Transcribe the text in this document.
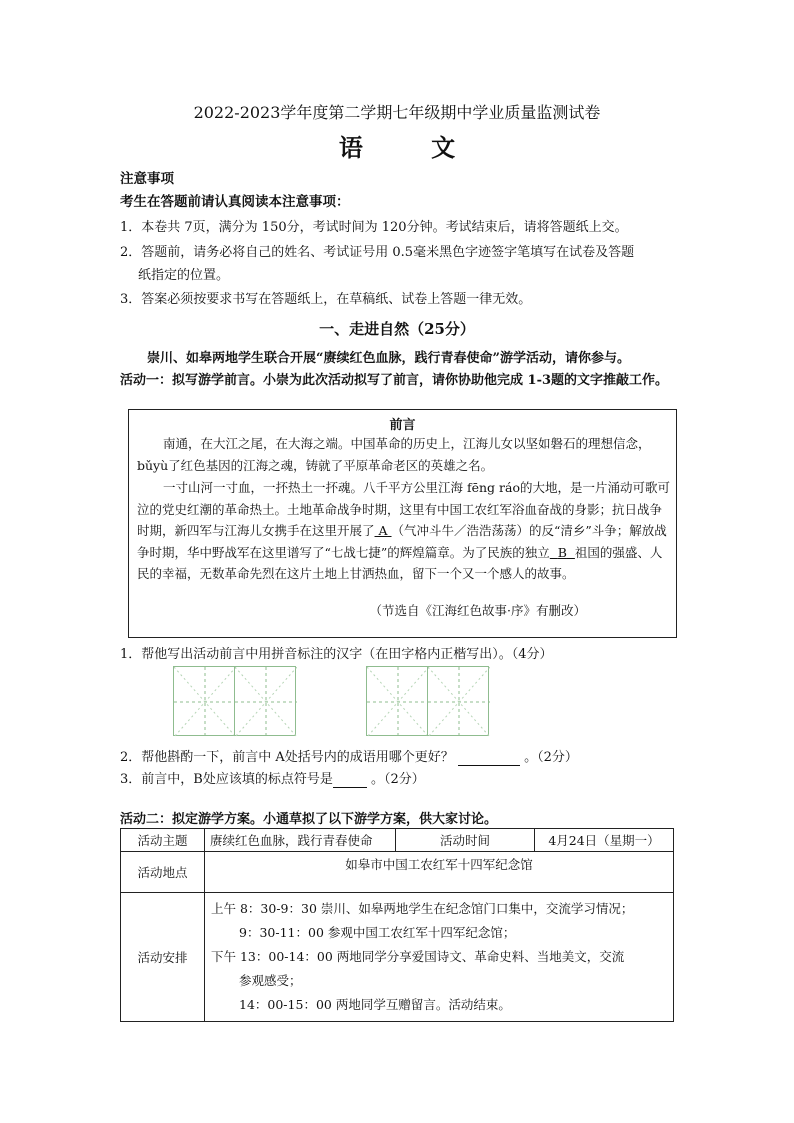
2022-2023学年度第二学期七年级期中学业质量监测试卷
语 文
注意事项
考生在答题前请认真阅读本注意事项：
1．本卷共 7页，满分为 150分，考试时间为 120分钟。考试结束后，请将答题纸上交。
2．答题前，请务必将自己的姓名、考试证号用 0.5毫米黑色字迹签字笔填写在试卷及答题
纸指定的位置。
3．答案必须按要求书写在答题纸上，在草稿纸、试卷上答题一律无效。
一、走进自然（25分）
崇川、如皋两地学生联合开展“赓续红色血脉，践行青春使命”游学活动，请你参与。
活动一：拟写游学前言。小崇为此次活动拟写了前言，请你协助他完成 1-3题的文字推敲工作。
前言
南通，在大江之尾，在大海之端。中国革命的历史上，江海儿女以坚如磐石的理想信念， bǔyù了红色基因的江海之魂，铸就了平原革命老区的英雄之名。
一寸山河一寸血，一抔热土一抔魂。八千平方公里江海 fēng ráo的大地，是一片涌动可歌可泣的党史红潮的革命热土。土地革命战争时期，这里有中国工农红军浴血奋战的身影；抗日战争时期，新四军与江海儿女携手在这里开展了 A （气冲斗牛／浩浩荡荡）的反“清乡”斗争；解放战争时期，华中野战军在这里谱写了“七战七捷”的辉煌篇章。为了民族的独立 B 祖国的强盛、人民的幸福，无数革命先烈在这片土地上甘洒热血，留下一个又一个感人的故事。
（节选自《江海红色故事·序》有删改）
1．帮他写出活动前言中用拼音标注的汉字（在田字格内正楷写出）。（4分）
2．帮他斟酌一下，前言中 A处括号内的成语用哪个更好？	。（2分）
3．前言中，B处应该填的标点符号是	。（2分）
活动二：拟定游学方案。小通草拟了以下游学方案，供大家讨论。
活动主题	赓续红色血脉，践行青春使命	活动时间	4月24日（星期一）
活动地点	如皋市中国工农红军十四军纪念馆		
活动安排	上午 8：30-9：30 崇川、如皋两地学生在纪念馆门口集中，交流学习情况；
9：30-11：00 参观中国工农红军十四军纪念馆；
下午 13：00-14：00 两地同学分享爱国诗文、革命史料、当地美文，交流
参观感受；
14：00-15：00 两地同学互赠留言。活动结束。		
